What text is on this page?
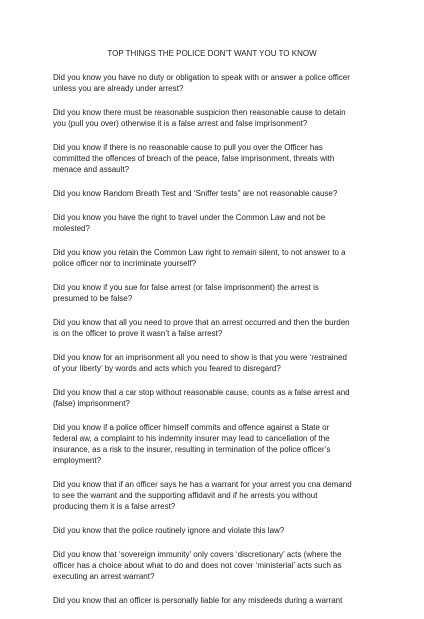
TOP THINGS THE POLICE DON'T WANT YOU TO KNOW

Did you know you have no duty or obligation to speak with or answer a police officer
unless you are already under arrest?

Did you know there must be reasonable suspicion then reasonable cause to detain
you (pull you over) otherwise it is a false arrest and false imprisonment?

Did you know if there is no reasonable cause to pull you over the Officer has
committed the offences of breach of the peace, false imprisonment, threats with
menace and assault?

Did you know Random Breath Test and ‘Sniffer tests” are not reasonable cause?

Did you know you have the right to travel under the Common Law and not be
molested?

Did you know you retain the Common Law right to remain silent, to not answer to a
police officer nor to incriminate yourself?

Did you know if you sue for false arrest (or false imprisonment) the arrest is
presumed to be false?

Did you know that all you need to prove that an arrest occurred and then the burden
is on the officer to prove it wasn’t a false arrest?

Did you know for an imprisonment all you need to show is that you were ‘restrained
of your liberty’ by words and acts which you feared to disregard?

Did you know that a car stop without reasonable cause, counts as a false arrest and
(false) imprisonment?

Did you know if a police officer himself commits and offence against a State or
federal aw, a complaint to his indemnity insurer may lead to cancellation of the
insurance, as a risk to the insurer, resulting in termination of the police officer’s
employment?

Did you know that if an officer says he has a warrant for your arrest you cna demand
to see the warrant and the supporting affidavit and if he arrests you without
producing them it is a false arrest?

Did you know that the police routinely ignore and violate this law?

Did you know that ‘sovereign immunity’ only covers ‘discretionary’ acts (where the
officer has a choice about what to do and does not cover ‘ministerial’ acts such as
executing an arrest warrant?

Did you know that an officer is personally liable for any misdeeds during a warrant
